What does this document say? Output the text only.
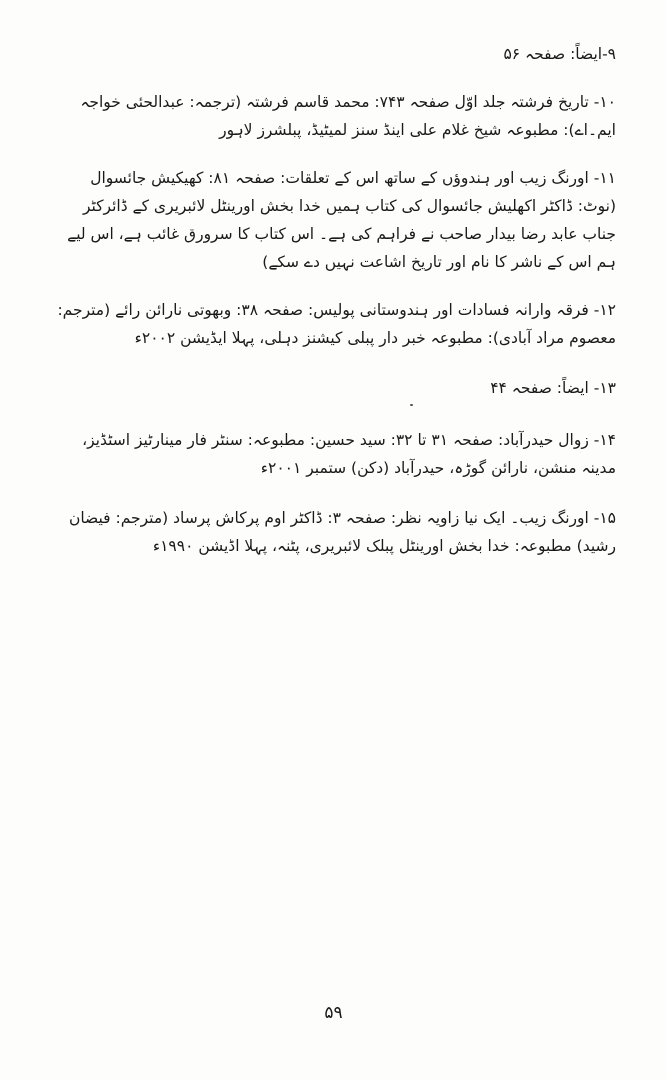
۹-ایضاً: صفحہ ۵۶

۱۰- تاریخ فرشتہ جلد اوّل صفحہ ۷۴۳: محمد قاسم فرشتہ (ترجمہ: عبدالحئی خواجہ ایم۔اے): مطبوعہ شیخ غلام علی اینڈ سنز لمیٹیڈ، پبلشرز لاہور

۱۱- اورنگ زیب اور ہندوؤں کے ساتھ اس کے تعلقات: صفحہ ۸۱: کھیکیش جائسوال (نوٹ: ڈاکٹر اکھلیش جائسوال کی کتاب ہمیں خدا بخش اورینٹل لائبریری کے ڈائرکٹر جناب عابد رضا بیدار صاحب نے فراہم کی ہے۔ اس کتاب کا سرورق غائب ہے، اس لیے ہم اس کے ناشر کا نام اور تاریخ اشاعت نہیں دے سکے)

۱۲- فرقہ وارانہ فسادات اور ہندوستانی پولیس: صفحہ ۳۸: وبھوتی نارائن رائے (مترجم: معصوم مراد آبادی): مطبوعہ خبر دار پبلی کیشنز دہلی، پہلا ایڈیشن ۲۰۰۲ء

۱۳- ایضاً: صفحہ ۴۴

۱۴- زوال حیدرآباد: صفحہ ۳۱ تا ۳۲: سید حسین: مطبوعہ: سنٹر فار مینارٹیز اسٹڈیز، مدینہ منشن، نارائن گوڑہ، حیدرآباد (دکن) ستمبر ۲۰۰۱ء

۱۵- اورنگ زیب۔ ایک نیا زاویہ نظر: صفحہ ۳: ڈاکٹر اوم پرکاش پرساد (مترجم: فیضان رشید) مطبوعہ: خدا بخش اورینٹل پبلک لائبریری، پٹنہ، پہلا اڈیشن ۱۹۹۰ء

۵۹
